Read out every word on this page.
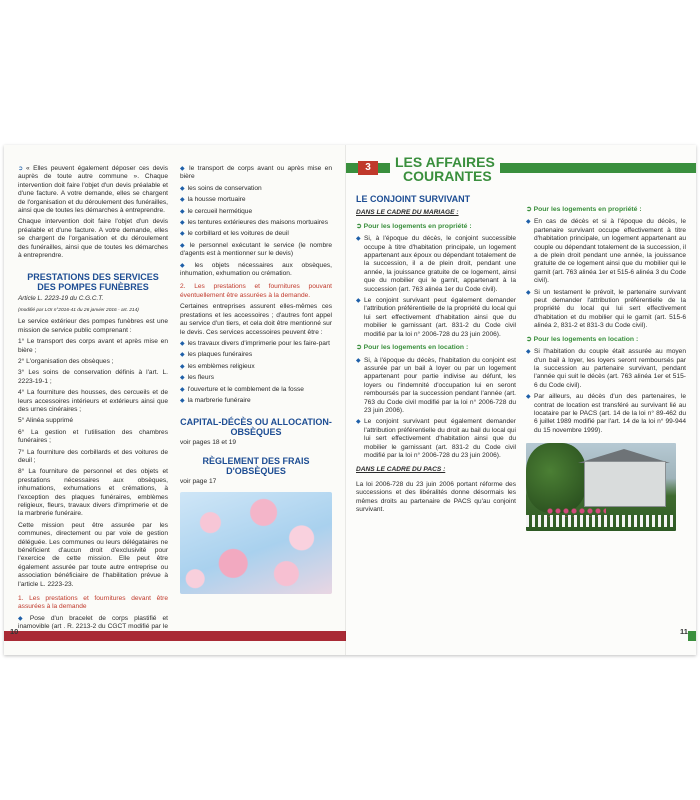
➲ « Elles peuvent également déposer ces devis auprès de toute autre commune ». Chaque intervention doit faire l'objet d'un devis préalable et d'une facture. A votre demande, elles se chargent de l'organisation et du déroulement des funérailles, ainsi que de toutes les démarches à entreprendre.

Chaque intervention doit faire l'objet d'un devis préalable et d'une facture. A votre demande, elles se chargent de l'organisation et du déroulement des funérailles, ainsi que de toutes les démarches à entreprendre.

PRESTATIONS DES SERVICES DES POMPES FUNÈBRES

Article L. 2223-19 du C.G.C.T.

(modifié par LOI n°2016-41 du 26 janvier 2016 - art. 214)

Le service extérieur des pompes funèbres est une mission de service public comprenant :

1° Le transport des corps avant et après mise en bière ;
2° L'organisation des obsèques ;
3° Les soins de conservation définis à l'art. L. 2223-19-1 ;
4° La fourniture des housses, des cercueils et de leurs accessoires intérieurs et extérieurs ainsi que des urnes cinéraires ;
5° Alinéa supprimé
6° La gestion et l'utilisation des chambres funéraires ;
7° La fourniture des corbillards et des voitures de deuil ;
8° La fourniture de personnel et des objets et prestations nécessaires aux obsèques, inhumations, exhumations et crémations, à l'exception des plaques funéraires, emblèmes religieux, fleurs, travaux divers d'imprimerie et de la marbrerie funéraire.

Cette mission peut être assurée par les communes, directement ou par voie de gestion déléguée. Les communes ou leurs délégataires ne bénéficient d'aucun droit d'exclusivité pour l'exercice de cette mission. Elle peut être également assurée par toute autre entreprise ou association bénéficiaire de l'habilitation prévue à l'article L. 2223-23.

1. Les prestations et fournitures devant être assurées à la demande

◆ Pose d'un bracelet de corps plastifié et inamovible (art . R. 2213-2 du CGCT modifié par le
◆ le transport de corps avant ou après mise en bière
◆ les soins de conservation
◆ la housse mortuaire
◆ le cercueil hermétique
◆ les tentures extérieures des maisons mortuaires
◆ le corbillard et les voitures de deuil
◆ le personnel exécutant le service (le nombre d'agents est à mentionner sur le devis)
◆ les objets nécessaires aux obsèques, inhumation, exhumation ou crémation.

2. Les prestations et fournitures pouvant éventuellement être assurées à la demande.

Certaines entreprises assurent elles-mêmes ces prestations et les accessoires ; d'autres font appel au service d'un tiers, et cela doit être mentionné sur le devis. Ces services accessoires peuvent être :

◆ les travaux divers d'imprimerie pour les faire-part
◆ les plaques funéraires
◆ les emblèmes religieux
◆ les fleurs
◆ l'ouverture et le comblement de la fosse
◆ la marbrerie funéraire
CAPITAL-DÉCÈS OU ALLOCATION-OBSÈQUES

voir pages 18 et 19

RÈGLEMENT DES FRAIS D'OBSÈQUES

voir page 17

10
3	LES AFFAIRES
COURANTES
LE CONJOINT SURVIVANT
DANS LE CADRE DU MARIAGE :
➲ Pour les logements en propriété :
◆ Si, à l'époque du décès, le conjoint successible occupe à titre d'habitation principale, un logement appartenant aux époux ou dépendant totalement de la succession, il a de plein droit, pendant une année, la jouissance gratuite de ce logement, ainsi que du mobilier qui le garnit, appartenant à la succession (art. 763 alinéa 1er du Code civil).
◆ Le conjoint survivant peut également demander l'attribution préférentielle de la propriété du local qui lui sert effectivement d'habitation ainsi que du mobilier le garnissant (art. 831-2 du Code civil modifié par la loi n° 2006-728 du 23 juin 2006).
➲ Pour les logements en location :
◆ Si, à l'époque du décès, l'habitation du conjoint est assurée par un bail à loyer ou par un logement appartenant pour partie indivise au défunt, les loyers ou l'indemnité d'occupation lui en seront remboursés par la succession pendant l'année (art. 763 du Code civil modifié par la loi n° 2006-728 du 23 juin 2006).
◆ Le conjoint survivant peut également demander l'attribution préférentielle du droit au bail du local qui lui sert effectivement d'habitation ainsi que du mobilier le garnissant (art. 831-2 du Code civil modifié par la loi n° 2006-728 du 23 juin 2006).
DANS LE CADRE DU PACS :

La loi 2006-728 du 23 juin 2006 portant réforme des successions et des libéralités donne désormais les mêmes droits au partenaire de PACS qu'au conjoint survivant.

➲ Pour les logements en propriété :
◆ En cas de décès et si à l'époque du décès, le partenaire survivant occupe effectivement à titre d'habitation principale, un logement appartenant au couple ou dépendant totalement de la succession, il a de plein droit pendant une année, la jouissance gratuite de ce logement ainsi que du mobilier qui le garnit (art. 763 alinéa 1er et 515-6 alinéa 3 du Code civil).
◆ Si un testament le prévoit, le partenaire survivant peut demander l'attribution préférentielle de la propriété du local qui lui sert effectivement d'habitation et du mobilier qui le garnit (art. 515-6 alinéa 2, 831-2 et 831-3 du Code civil).
➲ Pour les logements en location :
◆ Si l'habitation du couple était assurée au moyen d'un bail à loyer, les loyers seront remboursés par la succession au partenaire survivant, pendant l'année qui suit le décès (art. 763 alinéa 1er et 515-6 du Code civil).
◆ Par ailleurs, au décès d'un des partenaires, le contrat de location est transféré au survivant lié au locataire par le PACS (art. 14 de la loi n° 89-462 du 6 juillet 1989 modifié par l'art. 14 de la loi n° 99-944 du 15 novembre 1999).
11
